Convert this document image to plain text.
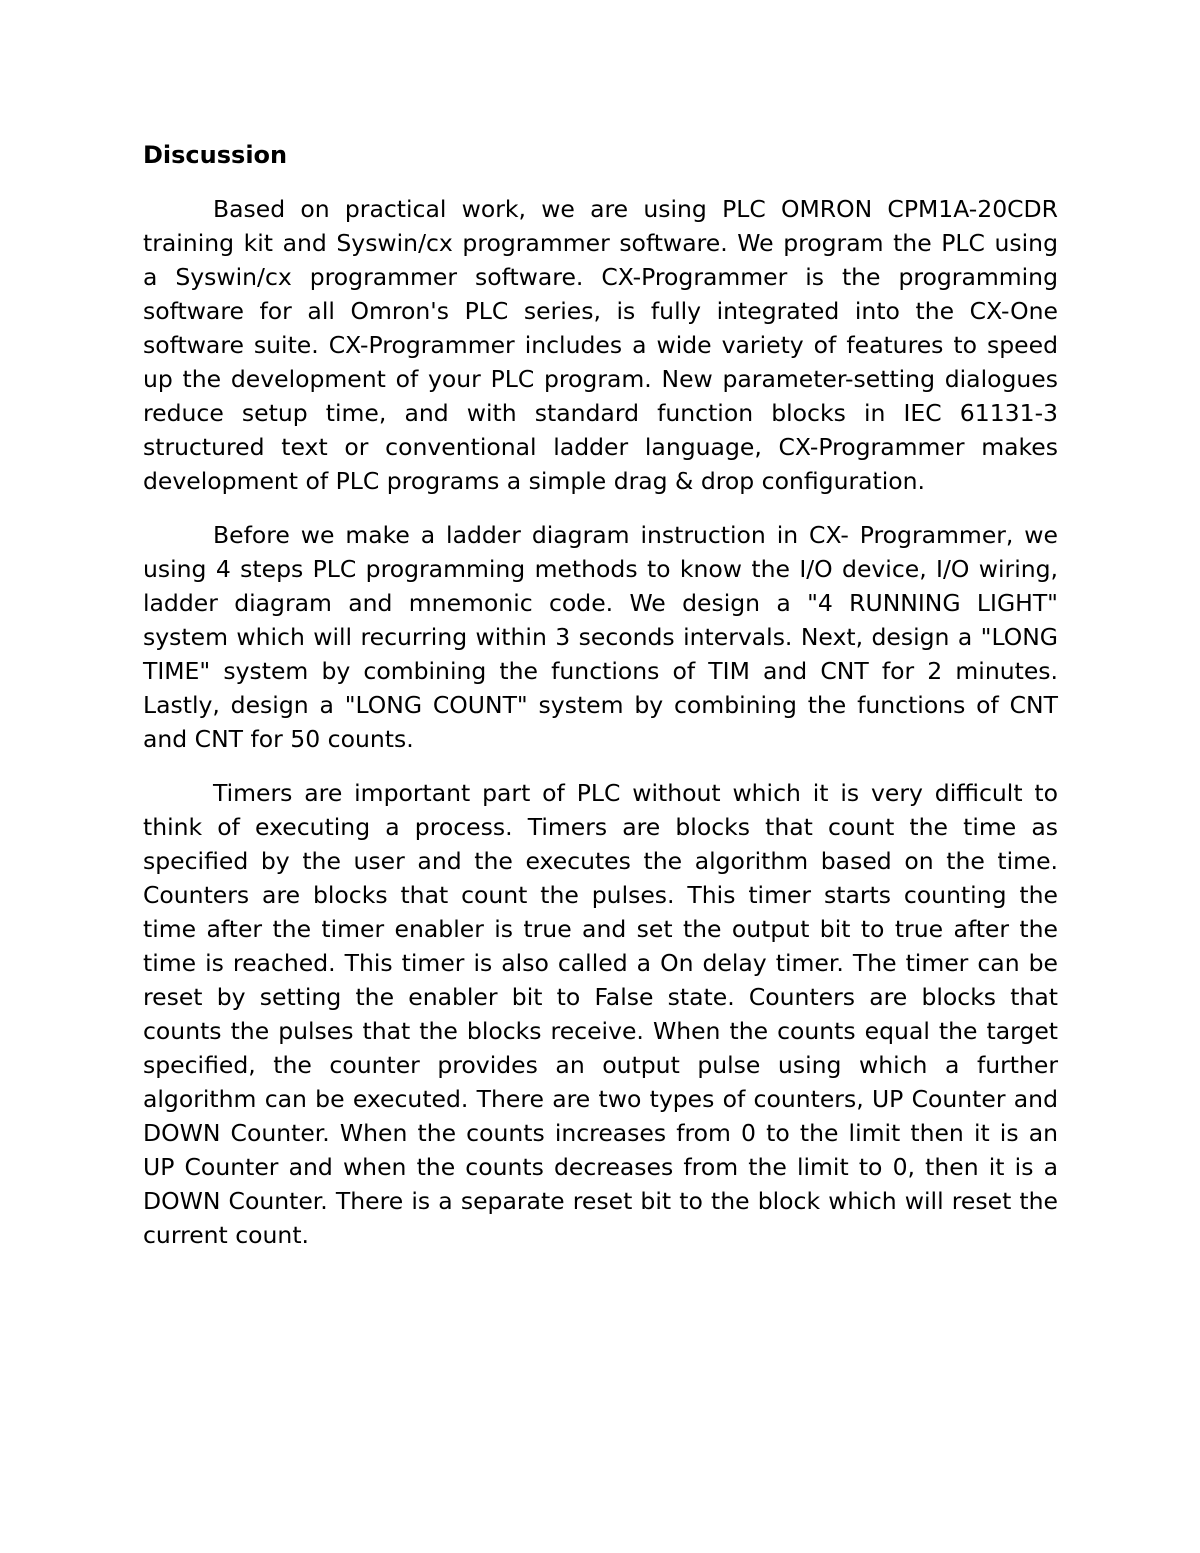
Discussion

Based on practical work, we are using PLC OMRON CPM1A-20CDR training kit and Syswin/cx programmer software. We program the PLC using a Syswin/cx programmer software. CX-Programmer is the programming software for all Omron's PLC series, is fully integrated into the CX-One software suite. CX-Programmer includes a wide variety of features to speed up the development of your PLC program. New parameter-setting dialogues reduce setup time, and with standard function blocks in IEC 61131-3 structured text or conventional ladder language, CX-Programmer makes development of PLC programs a simple drag & drop configuration.

Before we make a ladder diagram instruction in CX- Programmer, we using 4 steps PLC programming methods to know the I/O device, I/O wiring, ladder diagram and mnemonic code. We design a "4 RUNNING LIGHT" system which will recurring within 3 seconds intervals. Next, design a "LONG TIME" system by combining the functions of TIM and CNT for 2 minutes. Lastly, design a "LONG COUNT" system by combining the functions of CNT and CNT for 50 counts.

Timers are important part of PLC without which it is very difficult to think of executing a process. Timers are blocks that count the time as specified by the user and the executes the algorithm based on the time. Counters are blocks that count the pulses. This timer starts counting the time after the timer enabler is true and set the output bit to true after the time is reached. This timer is also called a On delay timer. The timer can be reset by setting the enabler bit to False state. Counters are blocks that counts the pulses that the blocks receive. When the counts equal the target specified, the counter provides an output pulse using which a further algorithm can be executed. There are two types of counters, UP Counter and DOWN Counter. When the counts increases from 0 to the limit then it is an UP Counter and when the counts decreases from the limit to 0, then it is a DOWN Counter. There is a separate reset bit to the block which will reset the current count.
